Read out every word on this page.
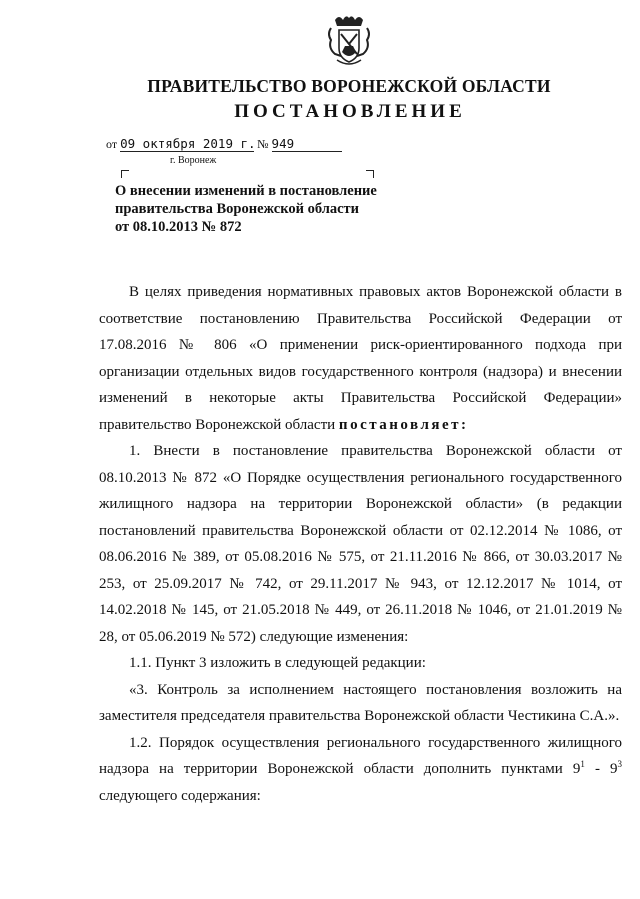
ПРАВИТЕЛЬСТВО ВОРОНЕЖСКОЙ ОБЛАСТИ
ПОСТАНОВЛЕНИЕ
от 09 октября 2019 г. № 949
г. Воронеж
О внесении изменений в постановление
правительства Воронежской области
от 08.10.2013 № 872

В целях приведения нормативных правовых актов Воронежской области в соответствие постановлению Правительства Российской Федерации от 17.08.2016 № 806 «О применении риск-ориентированного подхода при организации отдельных видов государственного контроля (надзора) и внесении изменений в некоторые акты Правительства Российской Федерации» правительство Воронежской области постановляет:

1. Внести в постановление правительства Воронежской области от 08.10.2013 № 872 «О Порядке осуществления регионального государственного жилищного надзора на территории Воронежской области» (в редакции постановлений правительства Воронежской области от 02.12.2014 № 1086, от 08.06.2016 № 389, от 05.08.2016 № 575, от 21.11.2016 № 866, от 30.03.2017 № 253, от 25.09.2017 № 742, от 29.11.2017 № 943, от 12.12.2017 № 1014, от 14.02.2018 № 145, от 21.05.2018 № 449, от 26.11.2018 № 1046, от 21.01.2019 № 28, от 05.06.2019 № 572) следующие изменения:

1.1. Пункт 3 изложить в следующей редакции:

«3. Контроль за исполнением настоящего постановления возложить на заместителя председателя правительства Воронежской области Честикина С.А.».

1.2. Порядок осуществления регионального государственного жилищного надзора на территории Воронежской области дополнить пунктами $9^1 - 9^3$ следующего содержания:
